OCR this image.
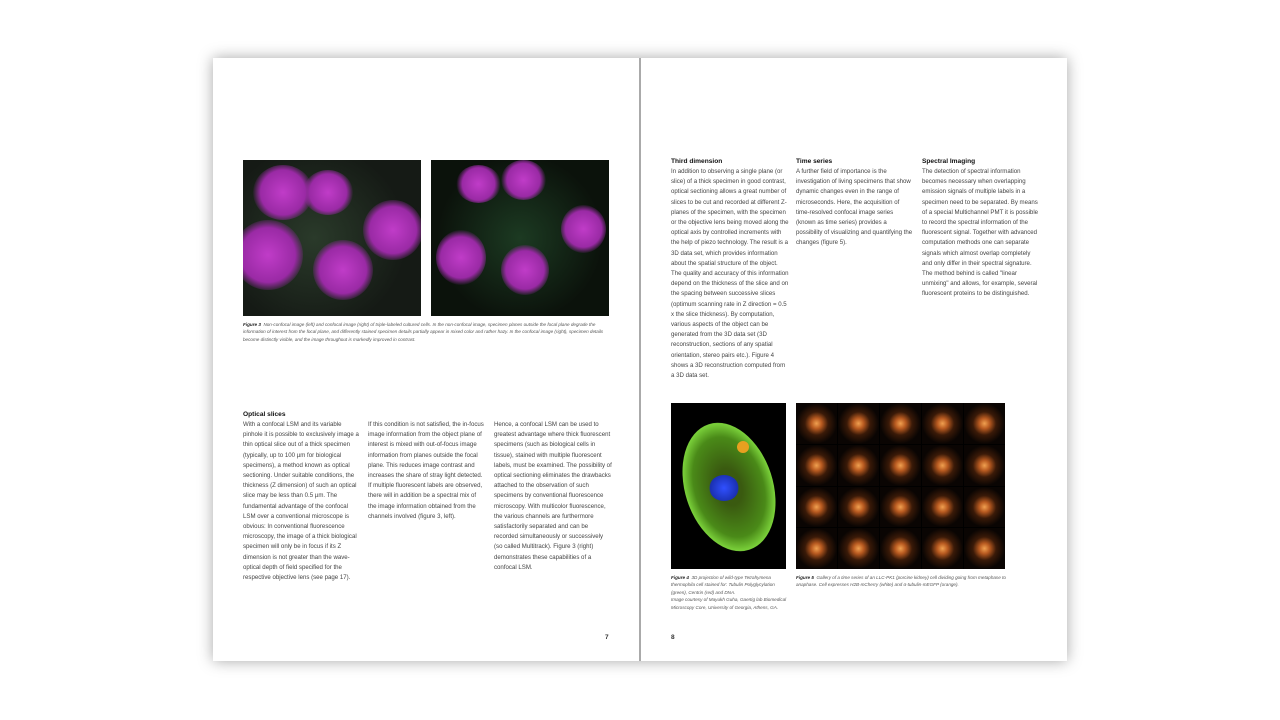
Figure 3 Non-confocal image (left) and confocal image (right) of triple-labeled cultured cells. In the non-confocal image, specimen planes outside the focal plane degrade the information of interest from the focal plane, and differently stained specimen details partially appear in mixed color and rather hazy. In the confocal image (right), specimen details become distinctly visible, and the image throughout is markedly improved in contrast.
Optical slices

With a confocal LSM and its variable pinhole it is possible to exclusively image a thin optical slice out of a thick specimen (typically, up to 100 µm for biological specimens), a method known as optical sectioning. Under suitable conditions, the thickness (Z dimension) of such an optical slice may be less than 0.5 µm. The fundamental advantage of the confocal LSM over a conventional microscope is obvious: In conventional fluorescence microscopy, the image of a thick biological specimen will only be in focus if its Z dimension is not greater than the wave-optical depth of field specified for the respective objective lens (see page 17).

If this condition is not satisfied, the in-focus image information from the object plane of interest is mixed with out-of-focus image information from planes outside the focal plane. This reduces image contrast and increases the share of stray light detected. If multiple fluorescent labels are observed, there will in addition be a spectral mix of the image information obtained from the channels involved (figure 3, left).

Hence, a confocal LSM can be used to greatest advantage where thick fluorescent specimens (such as biological cells in tissue), stained with multiple fluorescent labels, must be examined. The possibility of optical sectioning eliminates the drawbacks attached to the observation of such specimens by conventional fluorescence microscopy. With multicolor fluorescence, the various channels are furthermore satisfactorily separated and can be recorded simultaneously or successively (so called Multitrack). Figure 3 (right) demonstrates these capabilities of a confocal LSM.

7
Third dimension

In addition to observing a single plane (or slice) of a thick specimen in good contrast, optical sectioning allows a great number of slices to be cut and recorded at different Z-planes of the specimen, with the specimen or the objective lens being moved along the optical axis by controlled increments with the help of piezo technology. The result is a 3D data set, which provides information about the spatial structure of the object. The quality and accuracy of this information depend on the thickness of the slice and on the spacing between successive slices (optimum scanning rate in Z direction = 0.5 x the slice thickness). By computation, various aspects of the object can be generated from the 3D data set (3D reconstruction, sections of any spatial orientation, stereo pairs etc.). Figure 4 shows a 3D reconstruction computed from a 3D data set.

Time series

A further field of importance is the investigation of living specimens that show dynamic changes even in the range of microseconds. Here, the acquisition of time-resolved confocal image series (known as time series) provides a possibility of visualizing and quantifying the changes (figure 5).

Spectral Imaging

The detection of spectral information becomes necessary when overlapping emission signals of multiple labels in a specimen need to be separated. By means of a special Multichannel PMT it is possible to record the spectral information of the fluorescent signal. Together with advanced computation methods one can separate signals which almost overlap completely and only differ in their spectral signature. The method behind is called "linear unmixing" and allows, for example, several fluorescent proteins to be distinguished.

Figure 4 3D projection of wild-type Tetrahymena thermophila cell stained for: Tubulin Polyglycylation (green), Centrin (red) and DNA.
Image courtesy of Mayukh Guha, Gaertig lab Biomedical Microscopy Core, University of Georgia, Athens, GA.
Figure 5 Gallery of a time series of an LLC-PK1 (porcine kidney) cell dividing going from metaphase to anaphase. Cell expresses H2B-mCherry (white) and α-tubulin-mEGFP (orange).
8
